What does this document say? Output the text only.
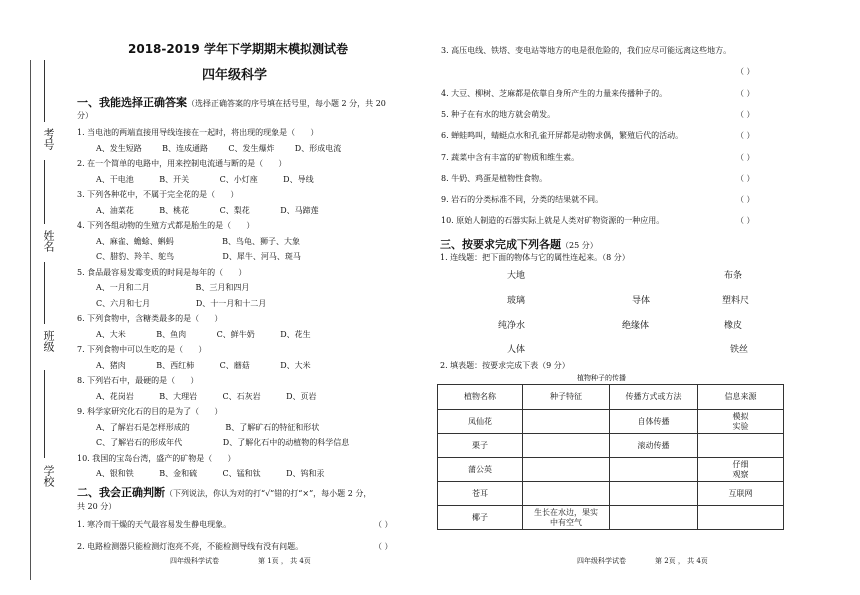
考号
姓名
班级
学校
2018-2019 学年下学期期末模拟测试卷
四年级科学
一、我能选择正确答案（选择正确答案的序号填在括号里，每小题 2 分，共 20
分）
1. 当电池的两端直接用导线连接在一起时，将出现的现象是（      ）
A、发生短路        B、连成通路        C、发生爆炸        D、形成电流
2. 在一个简单的电路中，用来控制电流通与断的是（      ）
A、干电池          B、开关            C、小灯座          D、导线
3. 下列各种花中，不属于完全花的是（      ）
A、油菜花          B、桃花            C、梨花            D、马蹄莲
4. 下列各组动物的生殖方式都是胎生的是（      ）
A、麻雀、蟾蜍、蝌蚂                   B、鸟龟、狮子、大象
C、腊豹、羚羊、鸵鸟                   D、犀牛、河马、斑马
5. 食品最容易发霉变质的时间是每年的（      ）
A、一月和二月                  B、三月和四月
C、六月和七月                  D、十一月和十二月
6. 下列食物中，含糖类最多的是（      ）
A、大米            B、鱼肉            C、鲜牛奶          D、花生
7. 下列食物中可以生吃的是（      ）
A、猪肉            B、西红柿          C、蘑菇            D、大米
8. 下列岩石中，最硬的是（      ）
A、花岗岩          B、大理岩          C、石灰岩          D、页岩
9. 科学家研究化石的目的是为了（      ）
A、了解岩石是怎样形成的              B、了解矿石的特征和形状
C、了解岩石的形成年代                D、了解化石中的动植物的科学信息
10. 我国的宝岛台湾，盛产的矿物是（      ）
A、银和铁          B、金和硫          C、锰和钛          D、钨和汞
二、我会正确判断（下列说法，你认为对的打“√”错的打“×”，每小题 2 分，
共 20 分）
1. 寒冷而干燥的天气最容易发生静电现象。	（ ）
2. 电路检测器只能检测灯泡亮不亮，不能检测导线有没有问题。	（ ）
3. 高压电线、铁塔、变电站等地方的电是很危险的，我们应尽可能远离这些地方。
（ ）
4. 大豆、柳树、芝麻都是依靠自身所产生的力量来传播种子的。	（ ）
5. 种子在有水的地方就会萌发。	（ ）
6. 蝉蛙鸣叫，蜻蜓点水和孔雀开屏都是动物求偶，繁殖后代的活动。	（ ）
7. 蔬菜中含有丰富的矿物质和维生素。	（ ）
8. 牛奶、鸡蛋是植物性食物。	（ ）
9. 岩石的分类标准不同，分类的结果就不同。	（ ）
10. 原始人制造的石器实际上就是人类对矿物资源的一种应用。	（ ）
三、按要求完成下列各题（25 分）
1. 连线题：把下面的物体与它的属性连起来。（8 分）
大地
玻璃
纯净水
人体
导体
绝缘体
布条
塑料尺
橡皮
铁丝
2. 填表题：按要求完成下表（9 分）
植物种子的传播
植物名称	种子特征	传播方式或方法	信息来源
凤仙花		自体传播	模拟
实验
栗子		滚动传播	
蒲公英			仔细
观察
苍耳			互联网
椰子	生长在水边，果实
中有空气		
四年级科学试卷	第 1页 ， 共 4页	四年级科学试卷	第 2页 ， 共 4页
